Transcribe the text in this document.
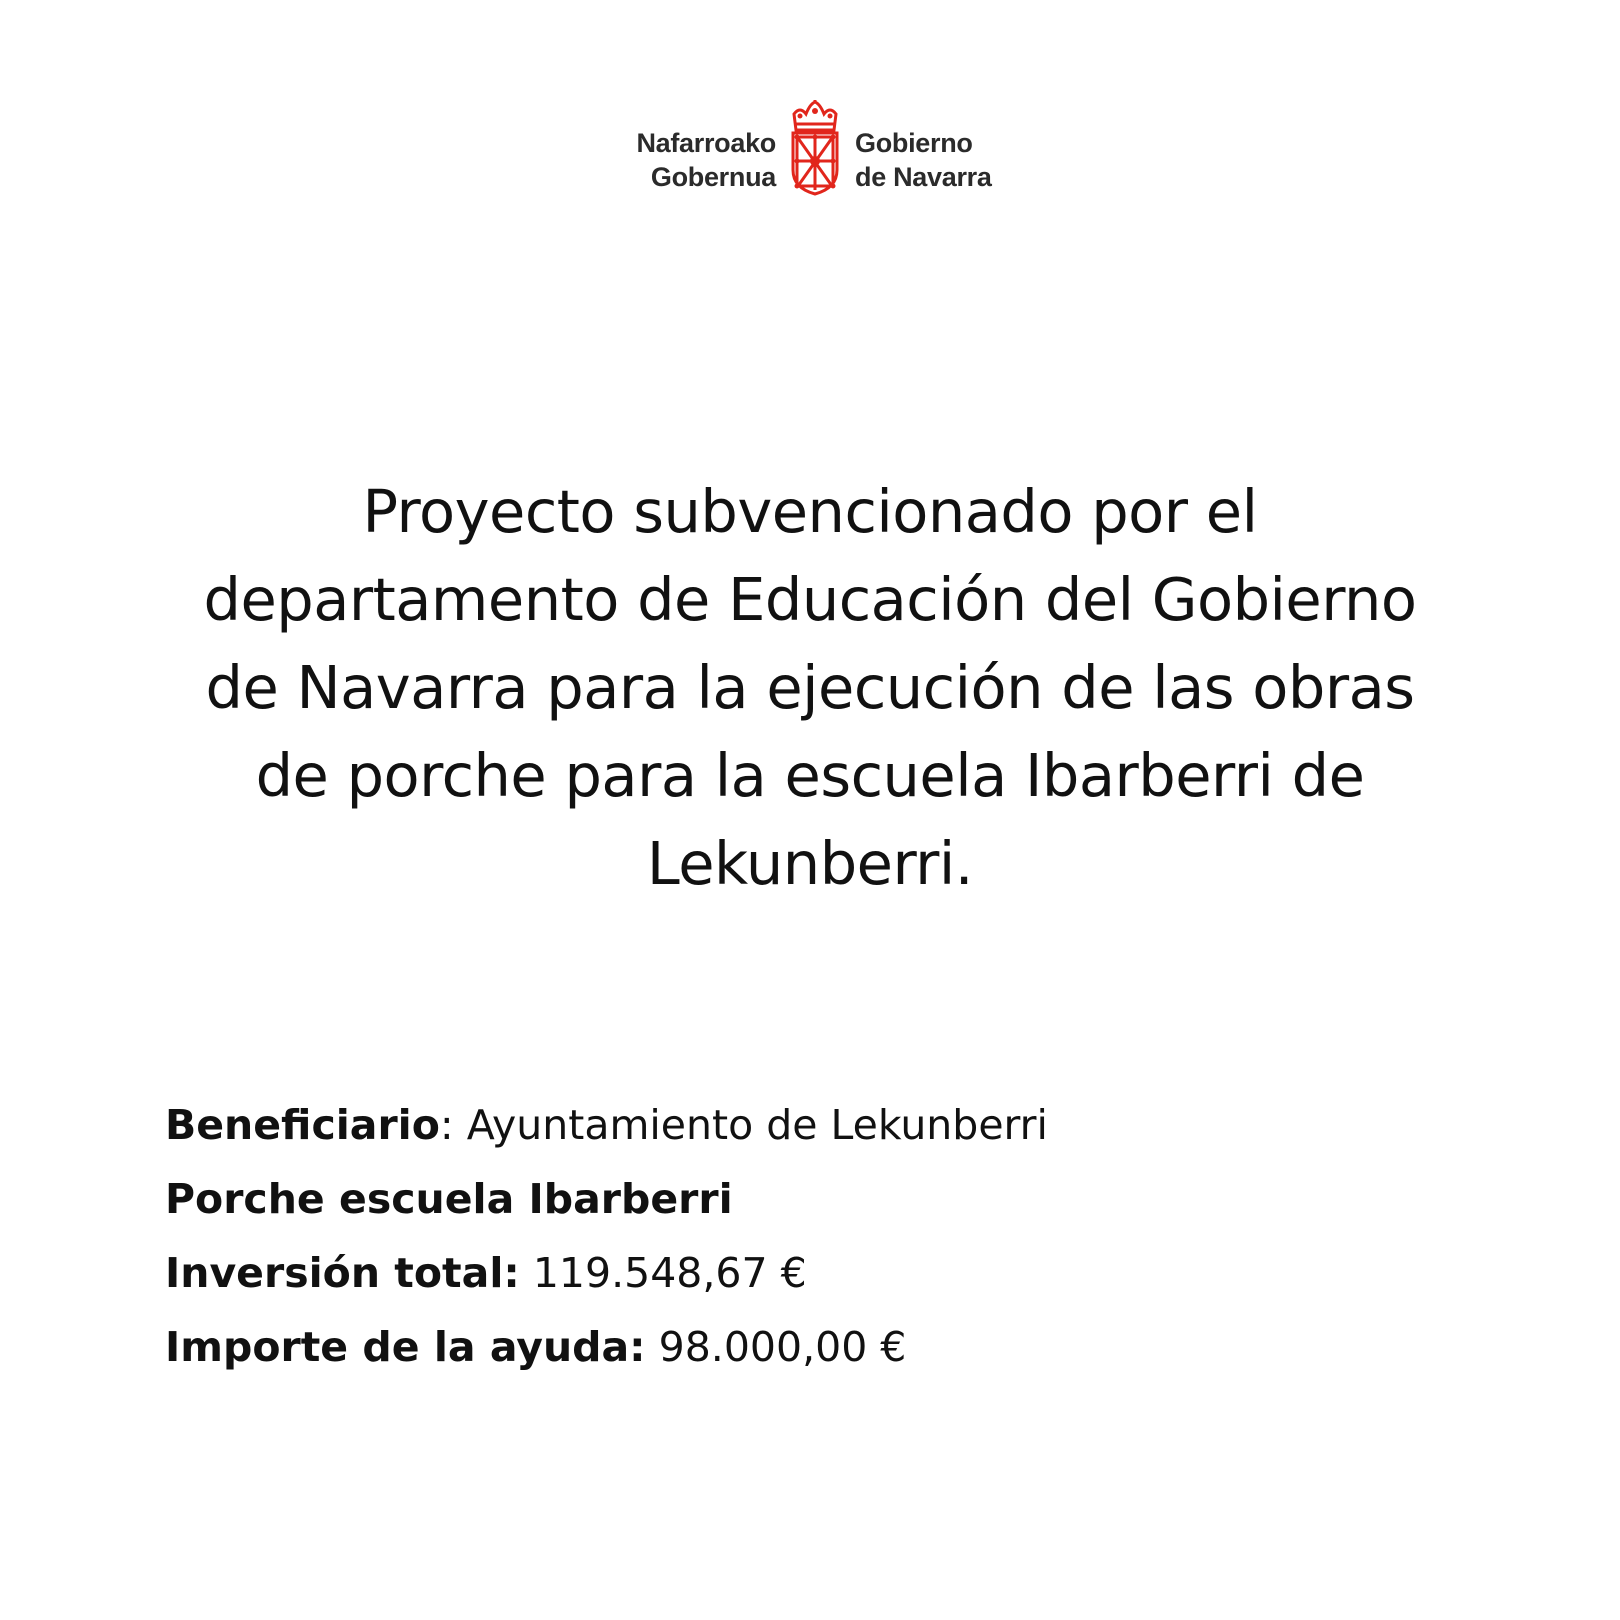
Nafarroako
Gobernua
Gobierno
de Navarra
Proyecto subvencionado por el
departamento de Educación del Gobierno
de Navarra para la ejecución de las obras
de porche para la escuela Ibarberri de
Lekunberri.
Beneficiario: Ayuntamiento de Lekunberri
Porche escuela Ibarberri
Inversión total: 119.548,67 €
Importe de la ayuda: 98.000,00 €
